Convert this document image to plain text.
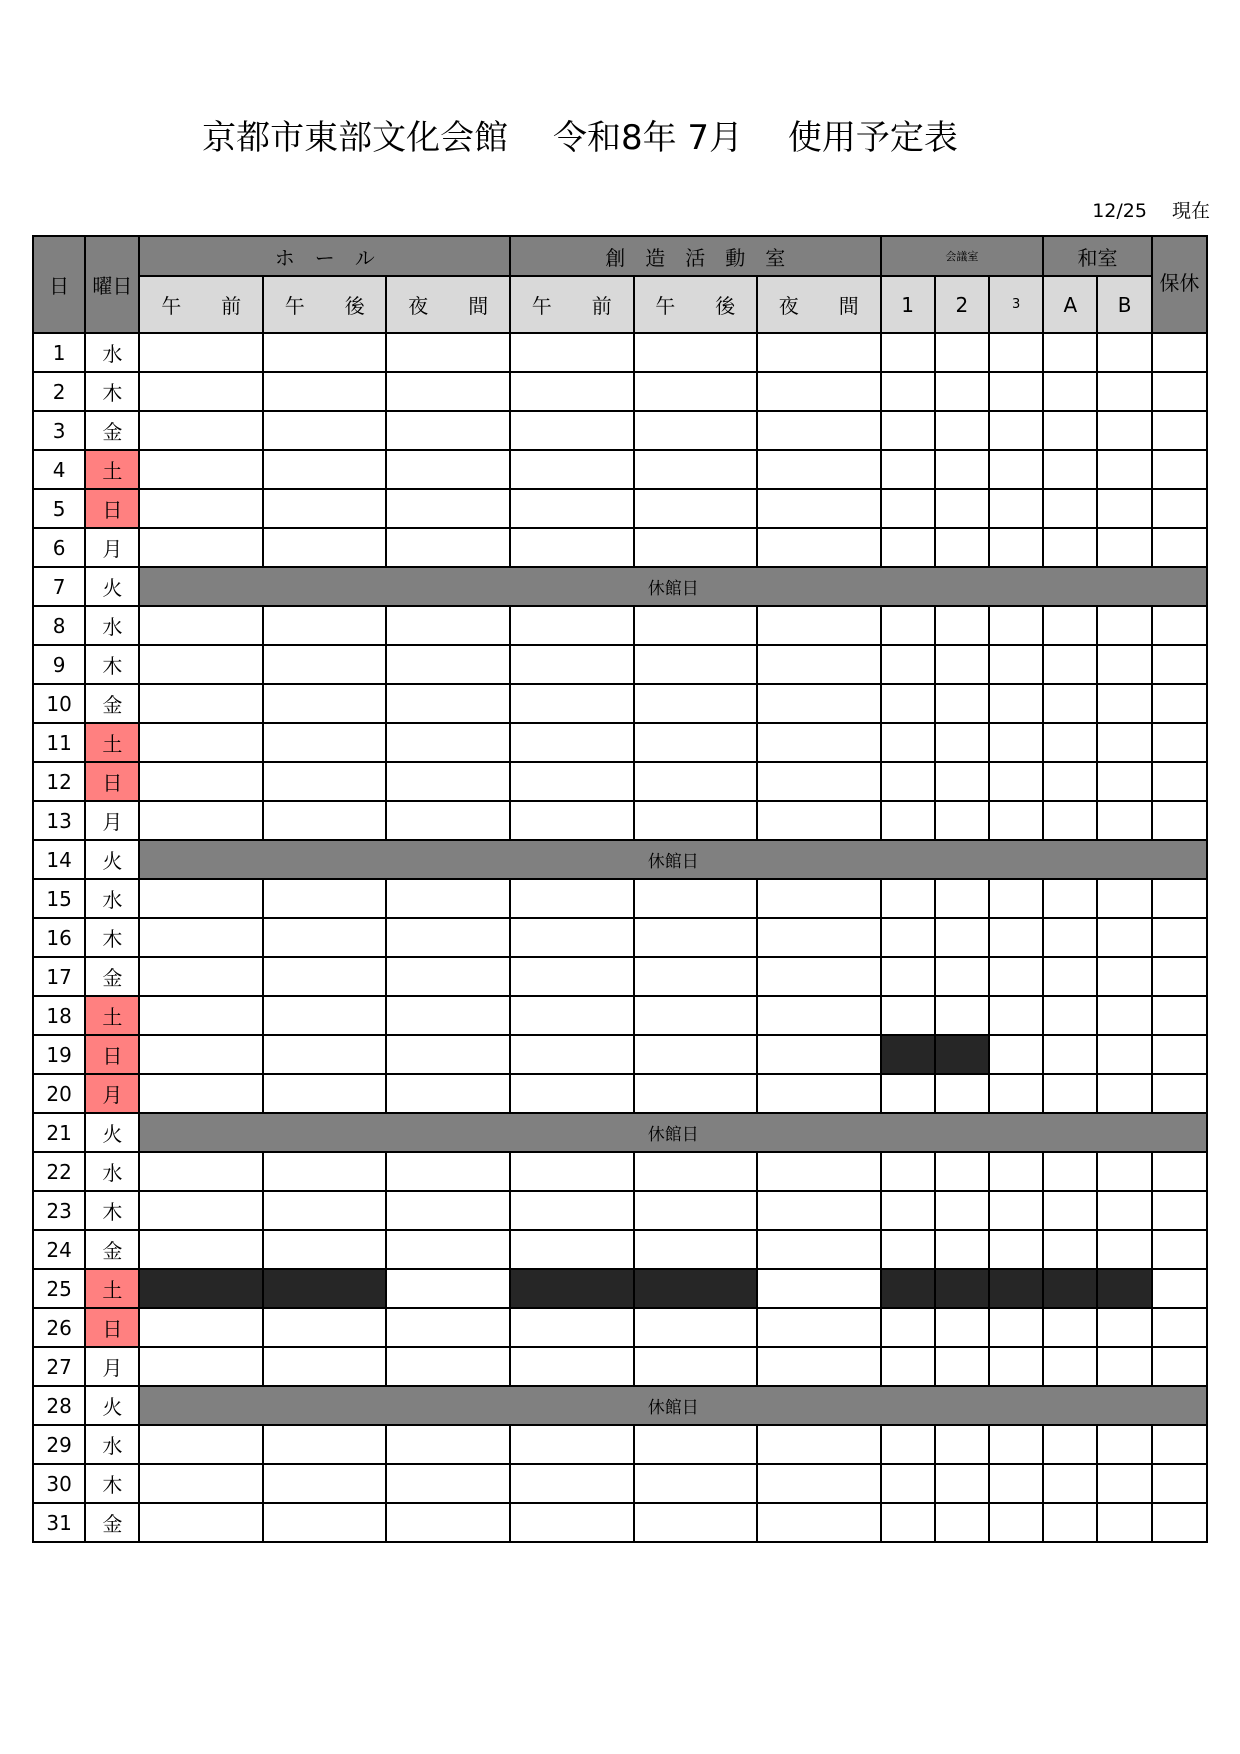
京都市東部文化会館　 令和8年 7月　 使用予定表
12/25　 現在
日	曜日	ホ　ー　ル			創　造　活　動　室			会議室			和室		保休
		午　　前	午　　後	夜　　間	午　　前	午　　後	夜　　間	1	2	3	A	B	
1	水												
2	木												
3	金												
4	土												
5	日												
6	月												
7	火	休館日											
8	水												
9	木												
10	金												
11	土												
12	日												
13	月												
14	火	休館日											
15	水												
16	木												
17	金												
18	土												
19	日												
20	月												
21	火	休館日											
22	水												
23	木												
24	金												
25	土												
26	日												
27	月												
28	火	休館日											
29	水												
30	木												
31	金												
